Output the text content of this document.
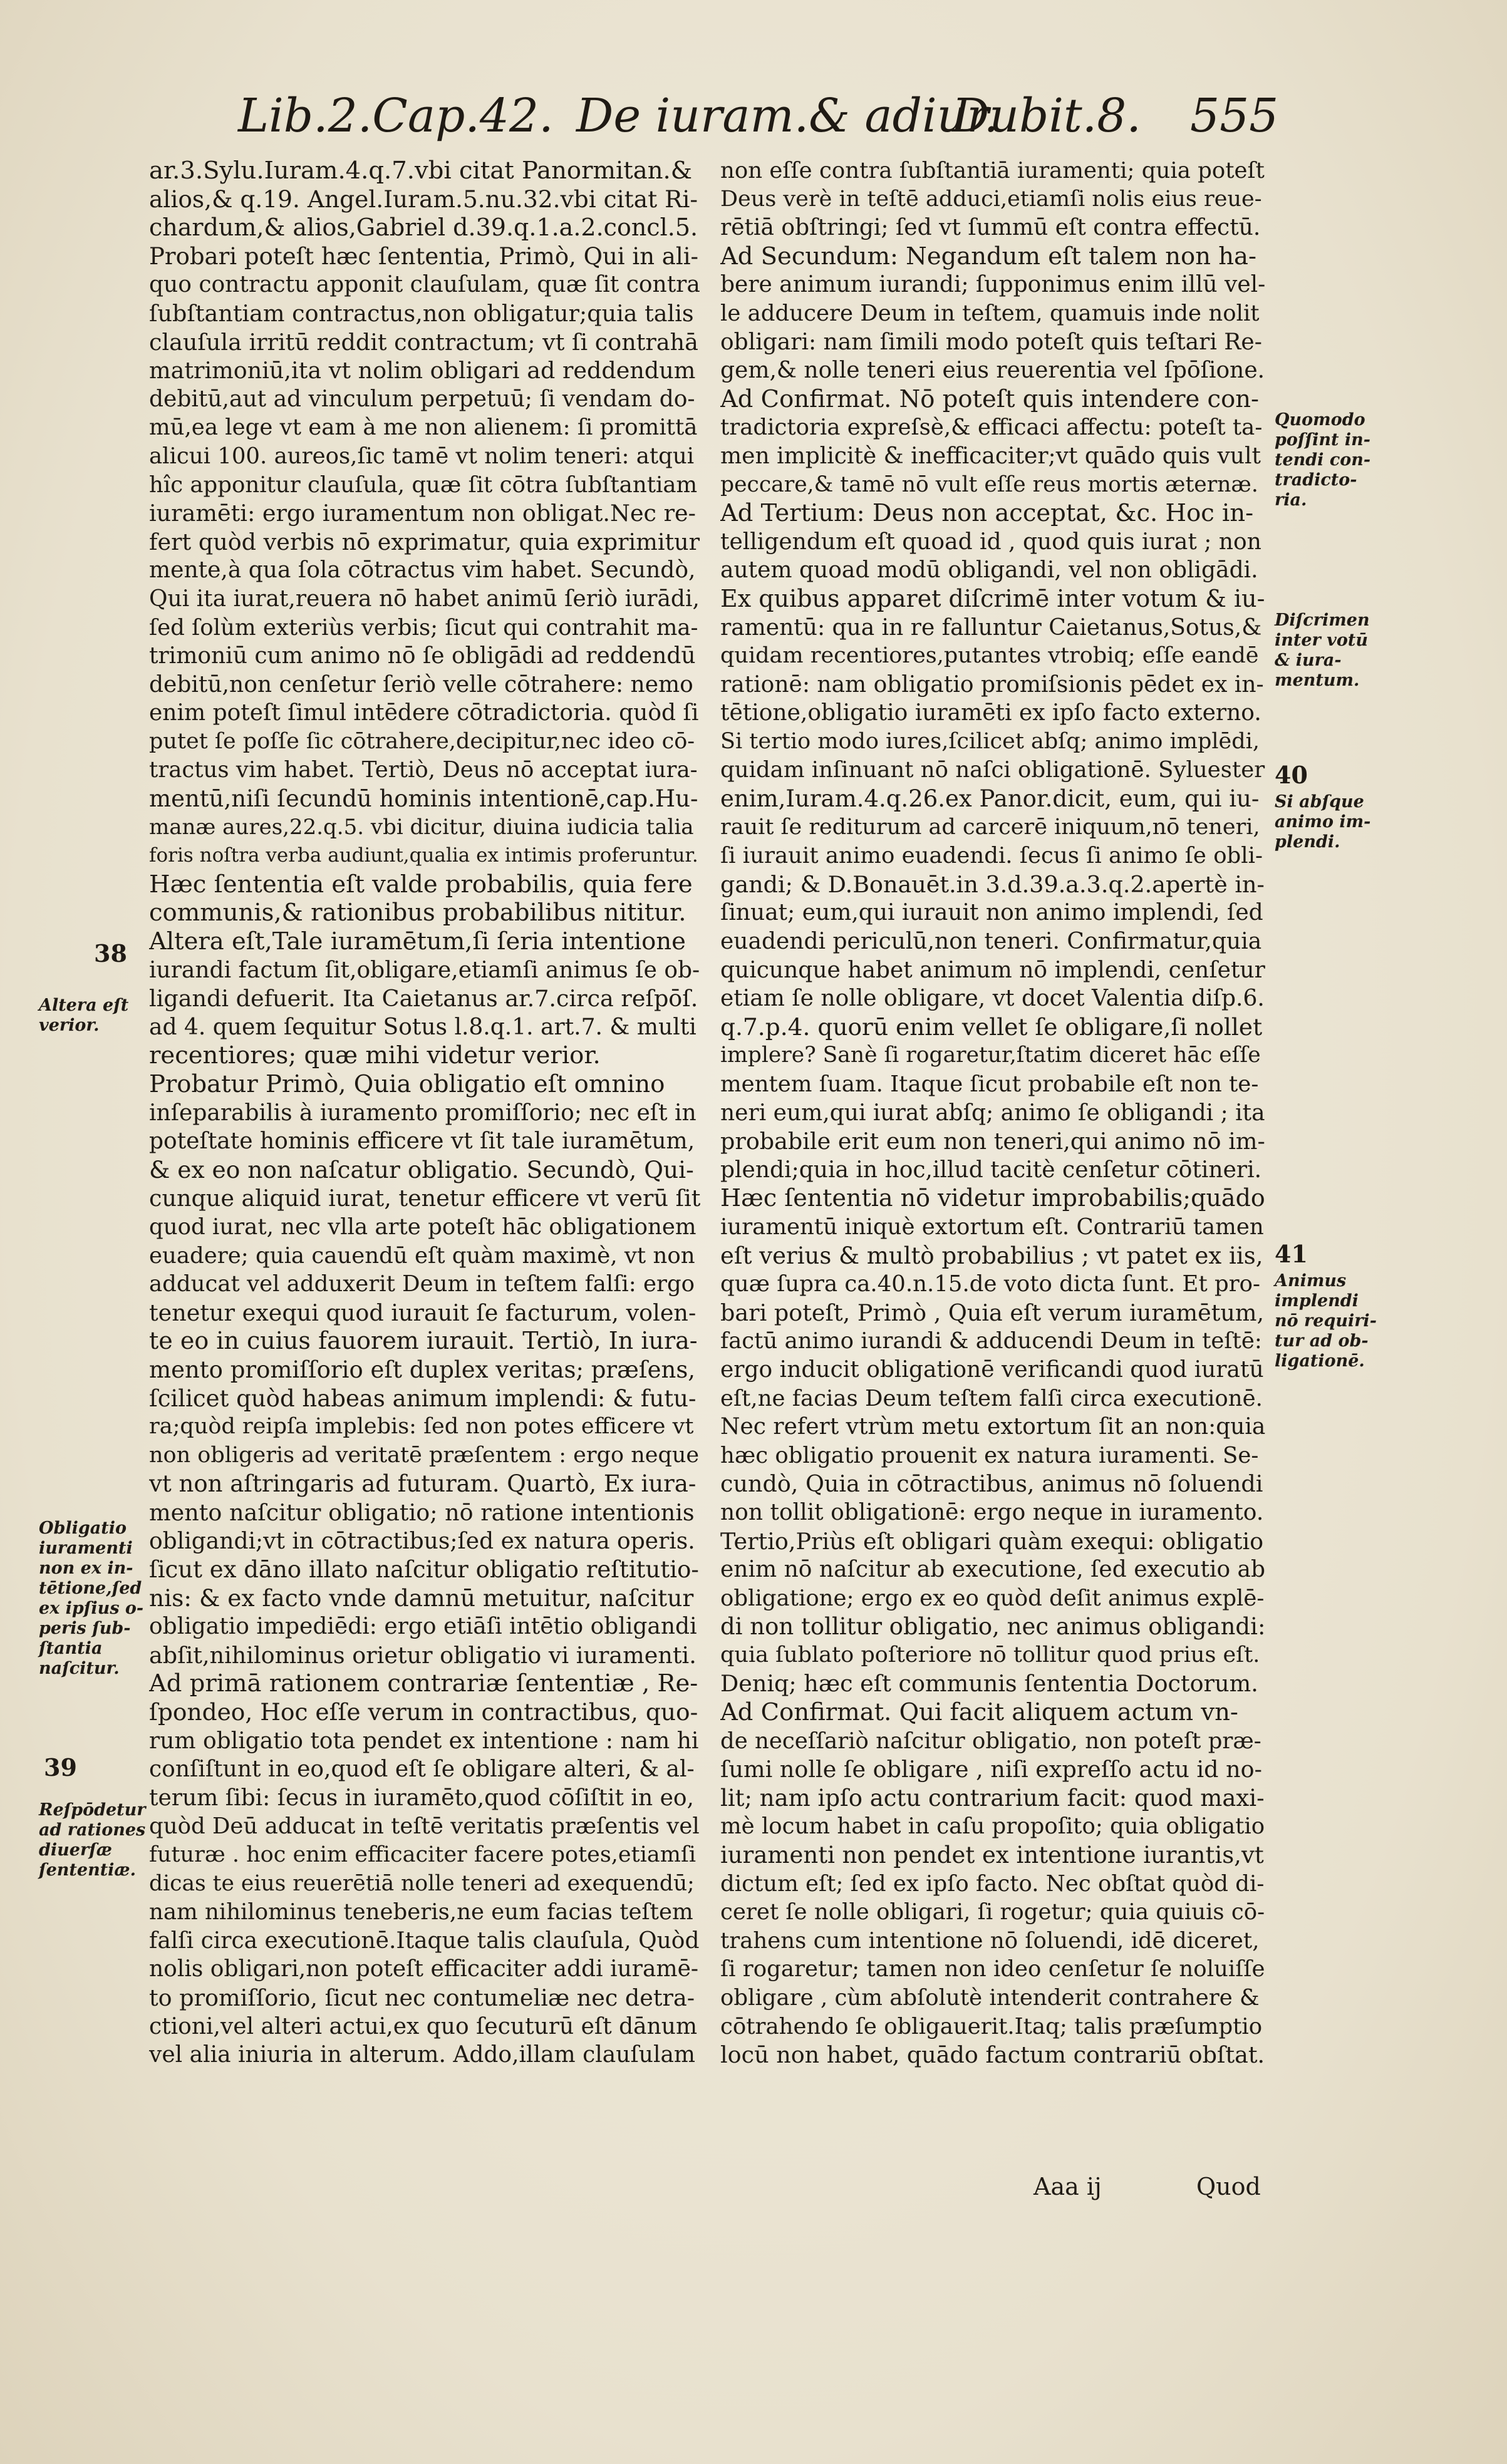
Lib.2.Cap.42. De iuram.& adiur.
Dubit.8. 555
ar.3.Sylu.Iuram.4.q.7.vbi citat Panormitan.&
alios,& q.19. Angel.Iuram.5.nu.32.vbi citat Ri-
chardum,& alios,Gabriel d.39.q.1.a.2.concl.5.
Probari poteſt hæc ſententia, Primò, Qui in ali-
quo contractu apponit clauſulam, quæ ſit contra
ſubſtantiam contractus,non obligatur;quia talis
clauſula irritū reddit contractum; vt ſi contrahā
matrimoniū,ita vt nolim obligari ad reddendum
debitū,aut ad vinculum perpetuū; ſi vendam do-
mū,ea lege vt eam à me non alienem: ſi promittā
alicui 100. aureos,ſic tamē vt nolim teneri: atqui
hîc apponitur clauſula, quæ ſit cōtra ſubſtantiam
iuramēti: ergo iuramentum non obligat.Nec re-
fert quòd verbis nō exprimatur, quia exprimitur
mente,à qua ſola cōtractus vim habet. Secundò,
Qui ita iurat,reuera nō habet animū ſeriò iurādi,
ſed ſolùm exteriùs verbis; ſicut qui contrahit ma-
trimoniū cum animo nō ſe obligādi ad reddendū
debitū,non cenſetur ſeriò velle cōtrahere: nemo
enim poteſt ſimul intēdere cōtradictoria. quòd ſi
putet ſe poſſe ſic cōtrahere,decipitur,nec ideo cō-
tractus vim habet. Tertiò, Deus nō acceptat iura-
mentū,niſi ſecundū hominis intentionē,cap.Hu-
manæ aures,22.q.5. vbi dicitur, diuina iudicia talia
foris noſtra verba audiunt,qualia ex intimis proferuntur.
Hæc ſententia eſt valde probabilis, quia fere
communis,& rationibus probabilibus nititur.
Altera eſt,Tale iuramētum,ſi ſeria intentione
iurandi factum ſit,obligare,etiamſi animus ſe ob-
ligandi defuerit. Ita Caietanus ar.7.circa reſpōſ.
ad 4. quem ſequitur Sotus l.8.q.1. art.7. & multi
recentiores; quæ mihi videtur verior.
Probatur Primò, Quia obligatio eſt omnino
inſeparabilis à iuramento promiſſorio; nec eſt in
poteſtate hominis efficere vt ſit tale iuramētum,
& ex eo non naſcatur obligatio. Secundò, Qui-
cunque aliquid iurat, tenetur efficere vt verū ſit
quod iurat, nec vlla arte poteſt hāc obligationem
euadere; quia cauendū eſt quàm maximè, vt non
adducat vel adduxerit Deum in teſtem falſi: ergo
tenetur exequi quod iurauit ſe facturum, volen-
te eo in cuius fauorem iurauit. Tertiò, In iura-
mento promiſſorio eſt duplex veritas; præſens,
ſcilicet quòd habeas animum implendi: & futu-
ra;quòd reipſa implebis: ſed non potes efficere vt
non obligeris ad veritatē præſentem : ergo neque
vt non aſtringaris ad futuram. Quartò, Ex iura-
mento naſcitur obligatio; nō ratione intentionis
obligandi;vt in cōtractibus;ſed ex natura operis.
ſicut ex dāno illato naſcitur obligatio reſtitutio-
nis: & ex facto vnde damnū metuitur, naſcitur
obligatio impediēdi: ergo etiāſi intētio obligandi
abſit,nihilominus orietur obligatio vi iuramenti.
Ad primā rationem contrariæ ſententiæ , Re-
ſpondeo, Hoc eſſe verum in contractibus, quo-
rum obligatio tota pendet ex intentione : nam hi
conſiſtunt in eo,quod eſt ſe obligare alteri, & al-
terum ſibi: ſecus in iuramēto,quod cōſiſtit in eo,
quòd Deū adducat in teſtē veritatis præſentis vel
futuræ . hoc enim efficaciter facere potes,etiamſi
dicas te eius reuerētiā nolle teneri ad exequendū;
nam nihilominus teneberis,ne eum facias teſtem
falſi circa executionē.Itaque talis clauſula, Quòd
nolis obligari,non poteſt efficaciter addi iuramē-
to promiſſorio, ſicut nec contumeliæ nec detra-
ctioni,vel alteri actui,ex quo ſecuturū eſt dānum
vel alia iniuria in alterum. Addo,illam clauſulam
non eſſe contra ſubſtantiā iuramenti; quia poteſt
Deus verè in teſtē adduci,etiamſi nolis eius reue-
rētiā obſtringi; ſed vt ſummū eſt contra effectū.
Ad Secundum: Negandum eſt talem non ha-
bere animum iurandi; ſupponimus enim illū vel-
le adducere Deum in teſtem, quamuis inde nolit
obligari: nam ſimili modo poteſt quis teſtari Re-
gem,& nolle teneri eius reuerentia vel ſpōſione.
Ad Confirmat. Nō poteſt quis intendere con-
tradictoria expreſsè,& efficaci affectu: poteſt ta-
men implicitè & inefficaciter;vt quādo quis vult
peccare,& tamē nō vult eſſe reus mortis æternæ.
Ad Tertium: Deus non acceptat, &c. Hoc in-
telligendum eſt quoad id , quod quis iurat ; non
autem quoad modū obligandi, vel non obligādi.
Ex quibus apparet diſcrimē inter votum & iu-
ramentū: qua in re falluntur Caietanus,Sotus,&
quidam recentiores,putantes vtrobiq; eſſe eandē
rationē: nam obligatio promiſsionis pēdet ex in-
tētione,obligatio iuramēti ex ipſo facto externo.
Si tertio modo iures,ſcilicet abſq; animo implēdi,
quidam inſinuant nō naſci obligationē. Syluester
enim,Iuram.4.q.26.ex Panor.dicit, eum, qui iu-
rauit ſe rediturum ad carcerē iniquum,nō teneri,
ſi iurauit animo euadendi. ſecus ſi animo ſe obli-
gandi; & D.Bonauēt.in 3.d.39.a.3.q.2.apertè in-
ſinuat; eum,qui iurauit non animo implendi, ſed
euadendi periculū,non teneri. Confirmatur,quia
quicunque habet animum nō implendi, cenſetur
etiam ſe nolle obligare, vt docet Valentia diſp.6.
q.7.p.4. quorū enim vellet ſe obligare,ſi nollet
implere? Sanè ſi rogaretur,ſtatim diceret hāc eſſe
mentem ſuam. Itaque ſicut probabile eſt non te-
neri eum,qui iurat abſq; animo ſe obligandi ; ita
probabile erit eum non teneri,qui animo nō im-
plendi;quia in hoc,illud tacitè cenſetur cōtineri.
Hæc ſententia nō videtur improbabilis;quādo
iuramentū iniquè extortum eſt. Contrariū tamen
eſt verius & multò probabilius ; vt patet ex iis,
quæ ſupra ca.40.n.15.de voto dicta ſunt. Et pro-
bari poteſt, Primò , Quia eſt verum iuramētum,
factū animo iurandi & adducendi Deum in teſtē:
ergo inducit obligationē verificandi quod iuratū
eſt,ne facias Deum teſtem falſi circa executionē.
Nec refert vtrùm metu extortum ſit an non:quia
hæc obligatio prouenit ex natura iuramenti. Se-
cundò, Quia in cōtractibus, animus nō ſoluendi
non tollit obligationē: ergo neque in iuramento.
Tertio,Priùs eſt obligari quàm exequi: obligatio
enim nō naſcitur ab executione, ſed executio ab
obligatione; ergo ex eo quòd deſit animus explē-
di non tollitur obligatio, nec animus obligandi:
quia ſublato poſteriore nō tollitur quod prius eſt.
Deniq; hæc eſt communis ſententia Doctorum.
Ad Confirmat. Qui facit aliquem actum vn-
de neceſſariò naſcitur obligatio, non poteſt præ-
ſumi nolle ſe obligare , niſi expreſſo actu id no-
lit; nam ipſo actu contrarium facit: quod maxi-
mè locum habet in caſu propoſito; quia obligatio
iuramenti non pendet ex intentione iurantis,vt
dictum eſt; ſed ex ipſo facto. Nec obſtat quòd di-
ceret ſe nolle obligari, ſi rogetur; quia quiuis cō-
trahens cum intentione nō ſoluendi, idē diceret,
ſi rogaretur; tamen non ideo cenſetur ſe noluiſſe
obligare , cùm abſolutè intenderit contrahere &
cōtrahendo ſe obligauerit.Itaq; talis præſumptio
locū non habet, quādo factum contrariū obſtat.
38
Altera eſt
verior.
Obligatio
iuramenti
non ex in-
tētione,ſed
ex ipſius o-
peris ſub-
ſtantia
naſcitur.
39
Reſpōdetur
ad rationes
diuerſæ
ſententiæ.
Quomodo
poſſint in-
tendi con-
tradicto-
ria.
Diſcrimen
inter votū
& iura-
mentum.
40
Si abſque
animo im-
plendi.
41
Animus
implendi
nō requiri-
tur ad ob-
ligationē.
Aaa ij	Quod
